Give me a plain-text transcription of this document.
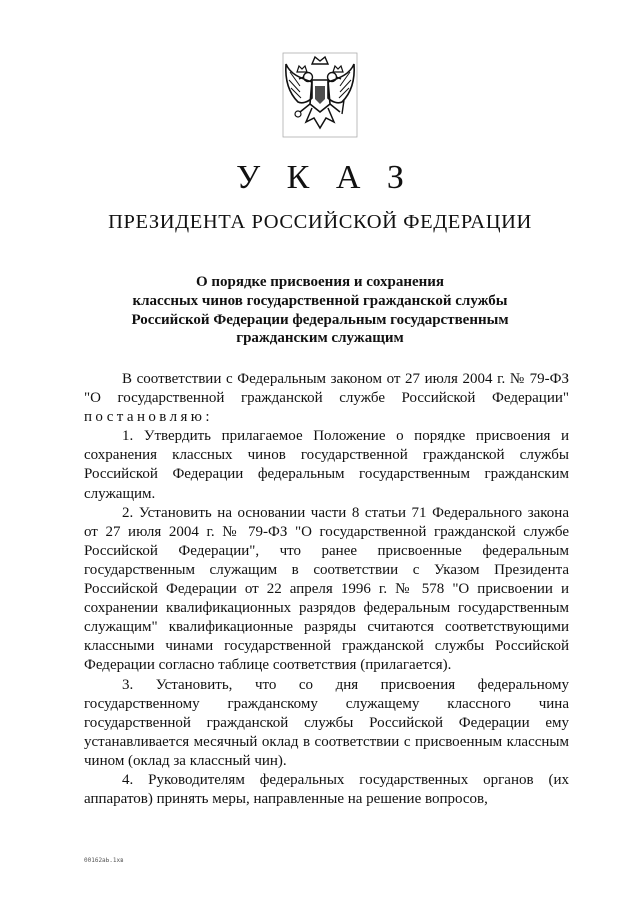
У К А З
ПРЕЗИДЕНТА РОССИЙСКОЙ ФЕДЕРАЦИИ
О порядке присвоения и сохранения
классных чинов государственной гражданской службы
Российской Федерации федеральным государственным
гражданским служащим

В соответствии с Федеральным законом от 27 июля 2004 г. № 79-ФЗ "О государственной гражданской службе Российской Федерации" постановляю:

1. Утвердить прилагаемое Положение о порядке присвоения и сохранения классных чинов государственной гражданской службы Российской Федерации федеральным государственным гражданским служащим.

2. Установить на основании части 8 статьи 71 Федерального закона от 27 июля 2004 г. № 79-ФЗ "О государственной гражданской службе Российской Федерации", что ранее присвоенные федеральным государственным служащим в соответствии с Указом Президента Российской Федерации от 22 апреля 1996 г. № 578 "О присвоении и сохранении квалификационных разрядов федеральным государственным служащим" квалификационные разряды считаются соответствующими классными чинами государственной гражданской службы Российской Федерации согласно таблице соответствия (прилагается).

3. Установить, что со дня присвоения федеральному государственному гражданскому служащему классного чина государственной гражданской службы Российской Федерации ему устанавливается месячный оклад в соответствии с присвоенным классным чином (оклад за классный чин).

4. Руководителям федеральных государственных органов (их аппаратов) принять меры, направленные на решение вопросов,

00162аЬ.1хв
